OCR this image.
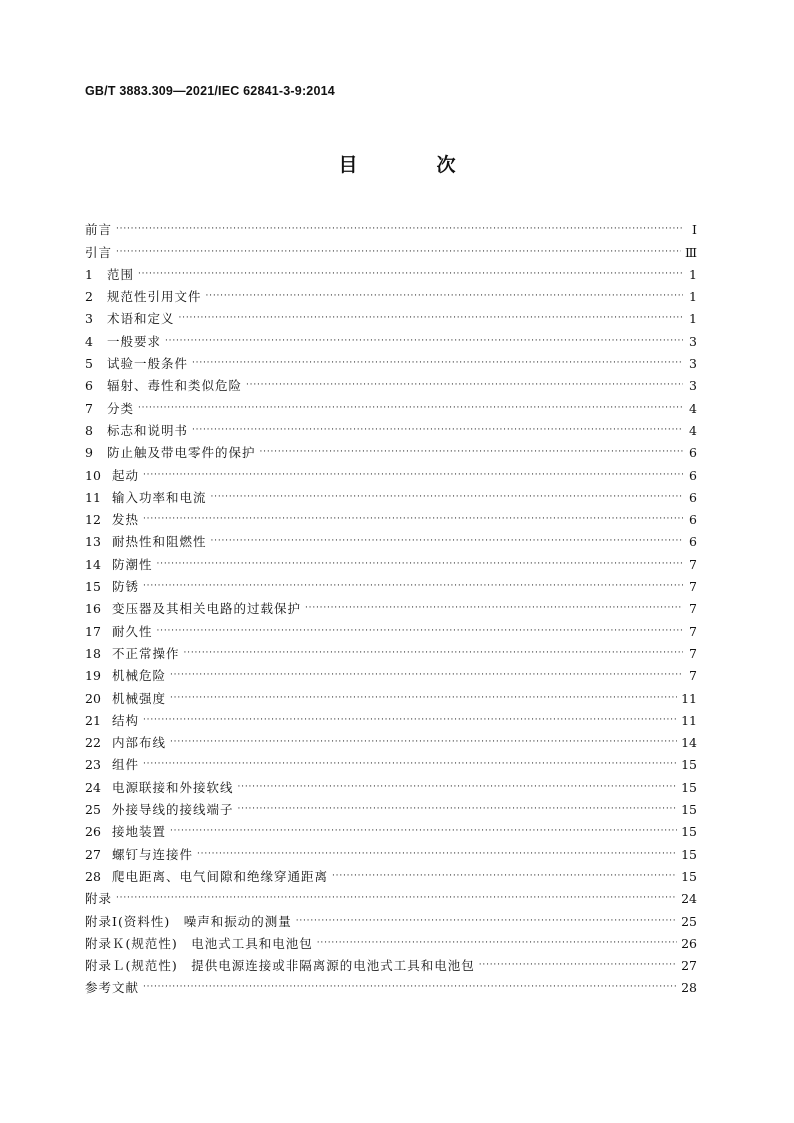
GB/T 3883.309—2021/IEC 62841-3-9:2014
目　次
前言 ·····	Ⅰ
引言 ·····	Ⅲ
1	范围 ·····	1
2	规范性引用文件 ·····	1
3	术语和定义 ·····	1
4	一般要求 ·····	3
5	试验一般条件 ·····	3
6	辐射、毒性和类似危险 ·····	3
7	分类 ·····	4
8	标志和说明书 ·····	4
9	防止触及带电零件的保护 ·····	6
10 起动 ·····	6
11 输入功率和电流 ·····	6
12 发热 ·····	6
13 耐热性和阻燃性 ·····	6
14 防潮性 ·····	7
15 防锈 ·····	7
16 变压器及其相关电路的过载保护 ·····	7
17 耐久性 ·····	7
18 不正常操作 ·····	7
19 机械危险 ·····	7
20 机械强度 ·····	11
21 结构 ·····	11
22 内部布线 ·····	14
23 组件 ·····	15
24 电源联接和外接软线 ·····	15
25 外接导线的接线端子 ·····	15
26 接地装置 ·····	15
27 螺钉与连接件 ·····	15
28 爬电距离、电气间隙和绝缘穿通距离 ·····	15
附录 ·····	24
附录Ⅰ(资料性)　噪声和振动的测量 ·····	25
附录Ｋ(规范性)　电池式工具和电池包 ·····	26
附录Ｌ(规范性)　提供电源连接或非隔离源的电池式工具和电池包 ·····	27
参考文献 ·····	28
